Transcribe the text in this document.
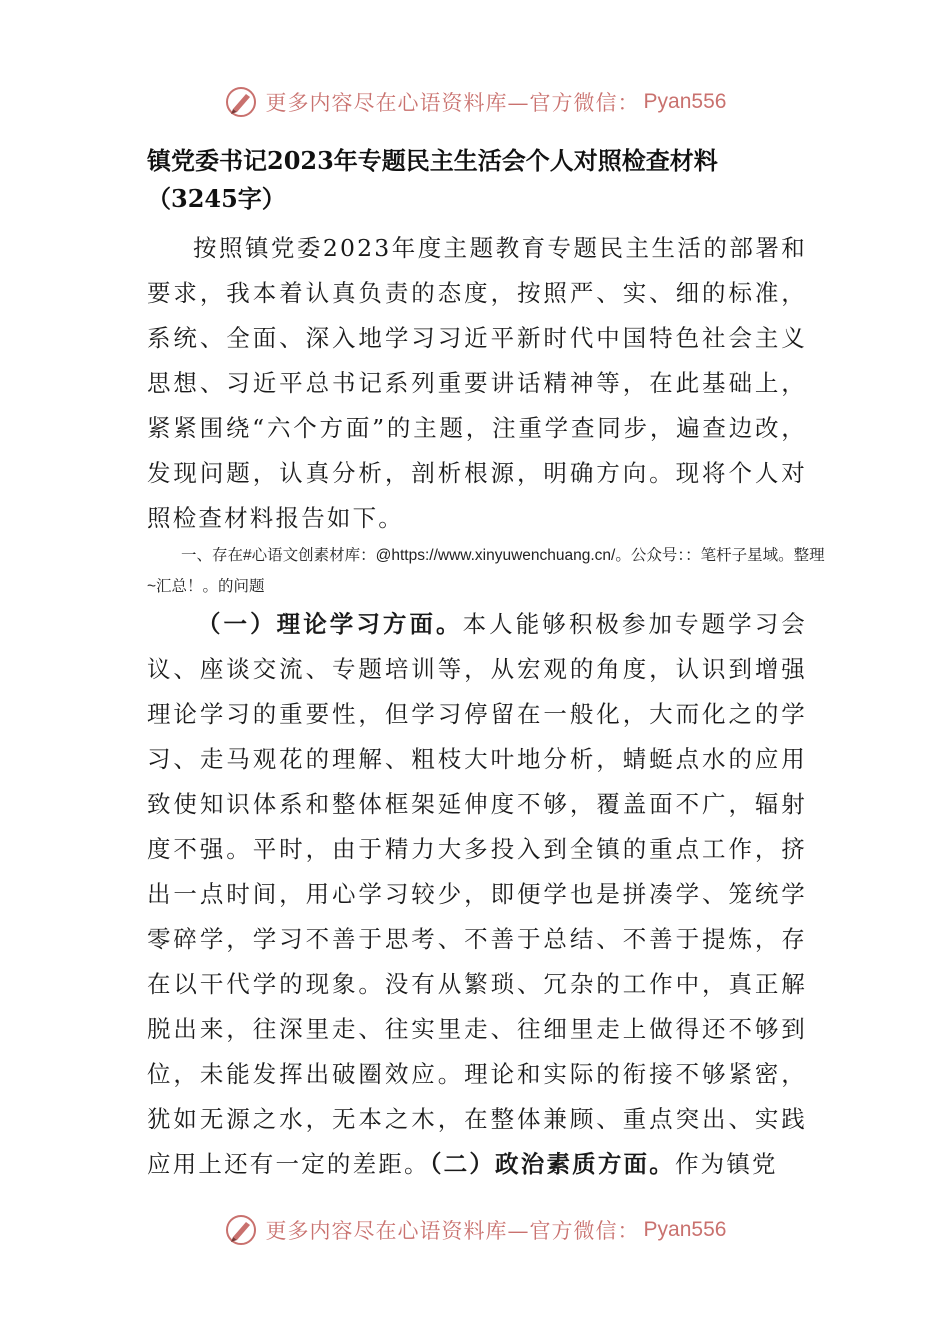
更多内容尽在心语资料库—官方微信： Pyan556
镇党委书记2023年专题民主生活会个人对照检查材料
（3245字）

按照镇党委2023年度主题教育专题民主生活的部署和要求，我本着认真负责的态度，按照严、实、细的标准，系统、全面、深入地学习习近平新时代中国特色社会主义思想、习近平总书记系列重要讲话精神等，在此基础上，紧紧围绕“六个方面”的主题，注重学查同步，遍查边改，发现问题，认真分析，剖析根源，明确方向。现将个人对照检查材料报告如下。

一、存在#心语文创素材库：@https://www.xinyuwenchuang.cn/。公众号：：笔杆子星域。整理~汇总！。的问题

（一）理论学习方面。本人能够积极参加专题学习会议、座谈交流、专题培训等，从宏观的角度，认识到增强理论学习的重要性，但学习停留在一般化，大而化之的学习、走马观花的理解、粗枝大叶地分析，蜻蜓点水的应用致使知识体系和整体框架延伸度不够，覆盖面不广，辐射度不强。平时，由于精力大多投入到全镇的重点工作，挤出一点时间，用心学习较少，即便学也是拼凑学、笼统学零碎学，学习不善于思考、不善于总结、不善于提炼，存在以干代学的现象。没有从繁琐、冗杂的工作中，真正解脱出来，往深里走、往实里走、往细里走上做得还不够到位，未能发挥出破圈效应。理论和实际的衔接不够紧密，犹如无源之水，无本之木，在整体兼顾、重点突出、实践应用上还有一定的差距。（二）政治素质方面。作为镇党

更多内容尽在心语资料库—官方微信： Pyan556
